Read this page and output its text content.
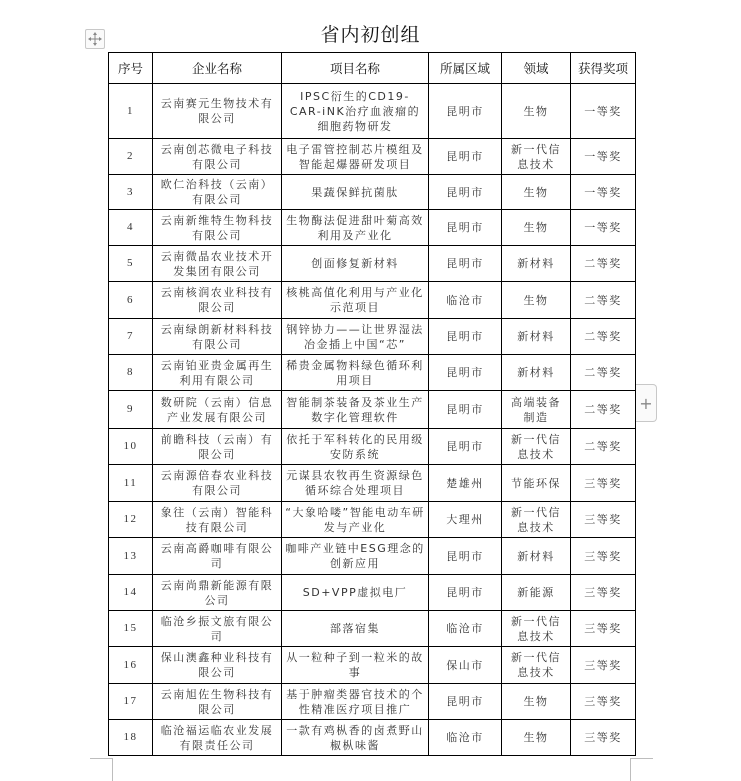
省内初创组
序号	企业名称	项目名称	所属区域	领域	获得奖项
1	云南赛元生物技术有限公司	IPSC衍生的CD19-CAR-iNK治疗血液瘤的细胞药物研发	昆明市	生物	一等奖
2	云南创芯微电子科技有限公司	电子雷管控制芯片模组及智能起爆器研发项目	昆明市	新一代信息技术	一等奖
3	欧仁治科技（云南）有限公司	果蔬保鲜抗菌肽	昆明市	生物	一等奖
4	云南新维特生物科技有限公司	生物酶法促进甜叶菊高效利用及产业化	昆明市	生物	一等奖
5	云南微晶农业技术开发集团有限公司	创面修复新材料	昆明市	新材料	二等奖
6	云南核润农业科技有限公司	核桃高值化利用与产业化示范项目	临沧市	生物	二等奖
7	云南绿朗新材料科技有限公司	钢锌协力——让世界湿法冶金插上中国“芯”	昆明市	新材料	二等奖
8	云南铂亚贵金属再生利用有限公司	稀贵金属物料绿色循环利用项目	昆明市	新材料	二等奖
9	数研院（云南）信息产业发展有限公司	智能制茶装备及茶业生产数字化管理软件	昆明市	高端装备制造	二等奖
10	前瞻科技（云南）有限公司	依托于军科转化的民用级安防系统	昆明市	新一代信息技术	二等奖
11	云南源倍春农业科技有限公司	元谋县农牧再生资源绿色循环综合处理项目	楚雄州	节能环保	三等奖
12	象往（云南）智能科技有限公司	“大象哈喽”智能电动车研发与产业化	大理州	新一代信息技术	三等奖
13	云南高爵咖啡有限公司	咖啡产业链中ESG理念的创新应用	昆明市	新材料	三等奖
14	云南尚鼎新能源有限公司	SD+VPP虚拟电厂	昆明市	新能源	三等奖
15	临沧乡振文旅有限公司	部落宿集	临沧市	新一代信息技术	三等奖
16	保山澳鑫种业科技有限公司	从一粒种子到一粒米的故事	保山市	新一代信息技术	三等奖
17	云南旭佐生物科技有限公司	基于肿瘤类器官技术的个性精准医疗项目推广	昆明市	生物	三等奖
18	临沧福运临农业发展有限责任公司	一款有鸡枞香的卤煮野山椒枞味酱	临沧市	生物	三等奖
+
